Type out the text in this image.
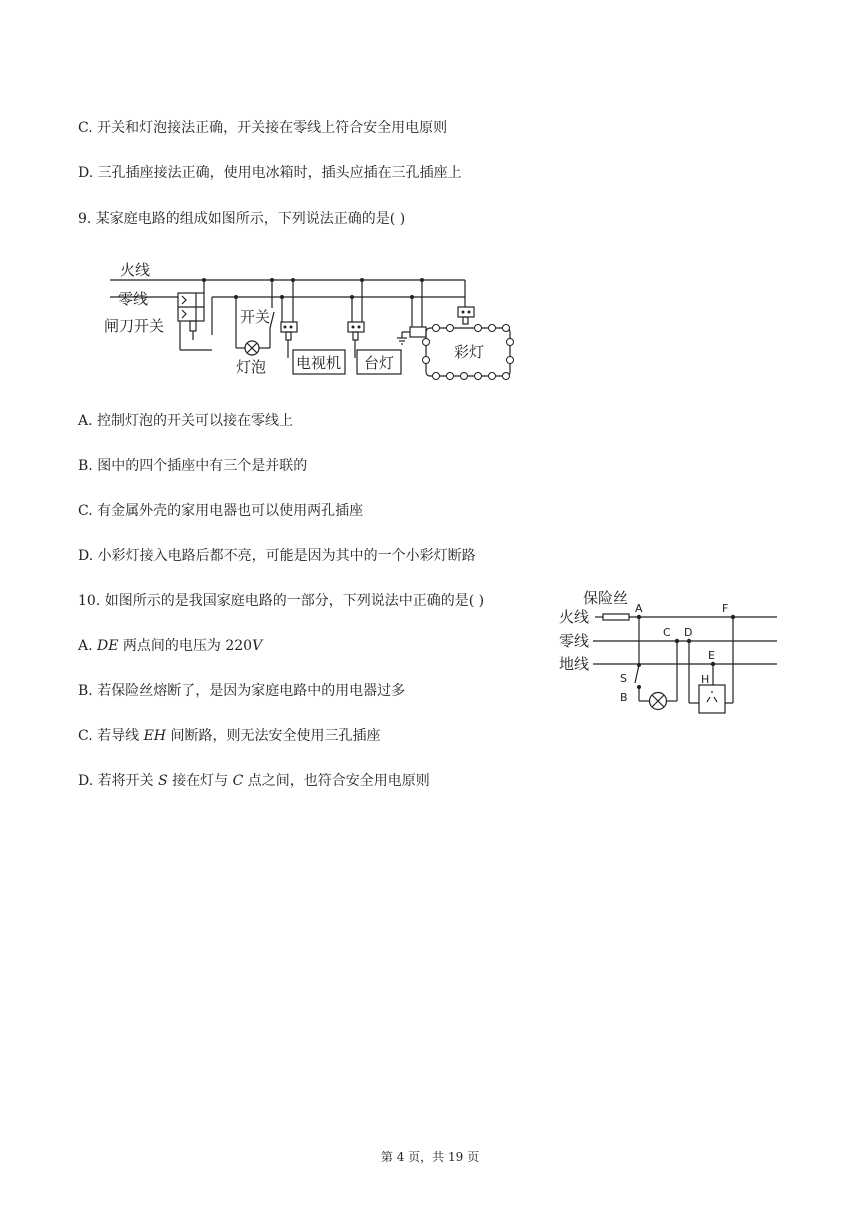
C. 开关和灯泡接法正确，开关接在零线上符合安全用电原则
D. 三孔插座接法正确，使用电冰箱时，插头应插在三孔插座上
9. 某家庭电路的组成如图所示，下列说法正确的是( )
火线
零线
闸刀开关	开关
灯泡 电视机 台灯
彩灯
A. 控制灯泡的开关可以接在零线上
B. 图中的四个插座中有三个是并联的
C. 有金属外壳的家用电器也可以使用两孔插座
D. 小彩灯接入电路后都不亮，可能是因为其中的一个小彩灯断路
10. 如图所示的是我国家庭电路的一部分，下列说法中正确的是( )
A. DE 两点间的电压为 220V
B. 若保险丝熔断了，是因为家庭电路中的用电器过多
C. 若导线 EH 间断路，则无法安全使用三孔插座
D. 若将开关 S 接在灯与 C 点之间，也符合安全用电原则
保险丝
火线
零线
地线
A
C D
F
E
H
S
B
第 4 页，共 19 页
